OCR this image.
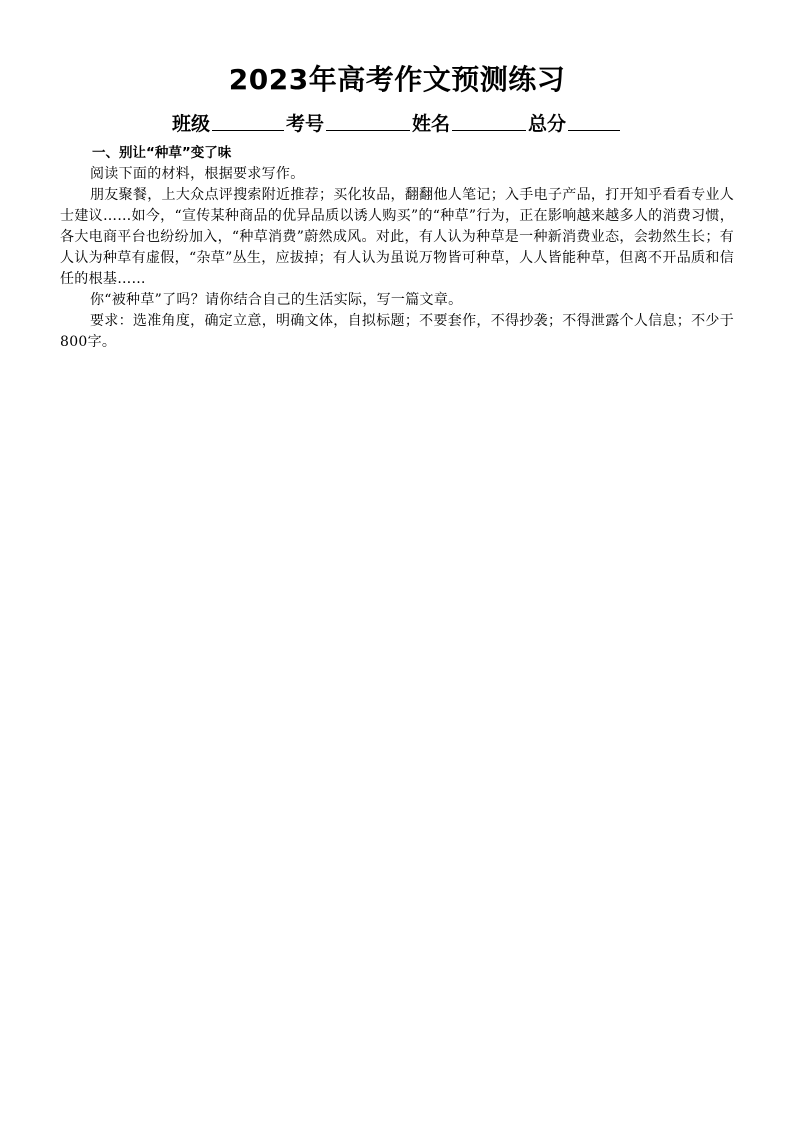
2023年高考作文预测练习
班级	考号	姓名	总分
一、别让“种草”变了味

阅读下面的材料，根据要求写作。

朋友聚餐，上大众点评搜索附近推荐；买化妆品，翻翻他人笔记；入手电子产品，打开知乎看看专业人士建议……如今，“宣传某种商品的优异品质以诱人购买”的“种草”行为，正在影响越来越多人的消费习惯，各大电商平台也纷纷加入，“种草消费”蔚然成风。对此，有人认为种草是一种新消费业态，会勃然生长；有人认为种草有虚假，“杂草”丛生，应拔掉；有人认为虽说万物皆可种草，人人皆能种草，但离不开品质和信任的根基……

你“被种草”了吗？请你结合自己的生活实际，写一篇文章。

要求：选准角度，确定立意，明确文体，自拟标题；不要套作，不得抄袭；不得泄露个人信息；不少于800字。
